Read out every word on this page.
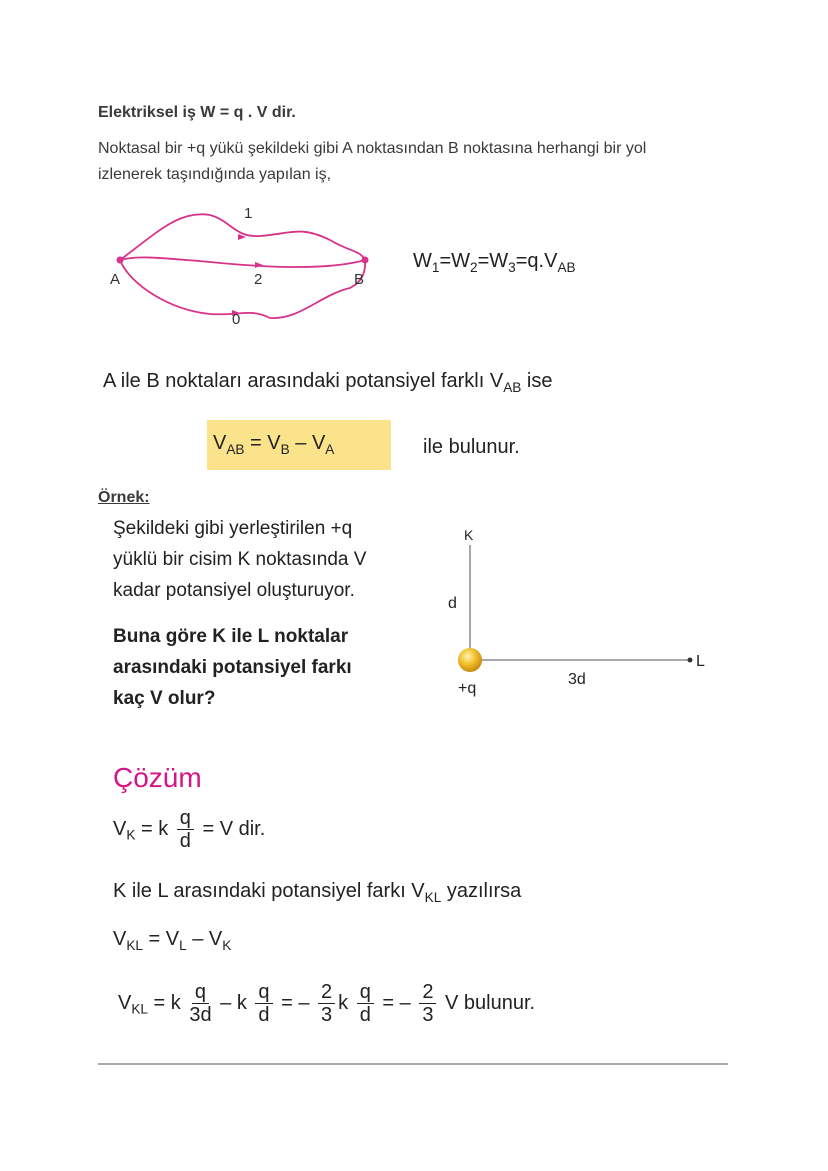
Elektriksel iş W = q . V dir.
Noktasal bir +q yükü şekildeki gibi A noktasından B noktasına herhangi bir yol
izlenerek taşındığında yapılan iş,
A	B
1
2
0
$W_1=W_2=W_3=q.V_{AB}$
A ile B noktaları arasındaki potansiyel farklı $V_{AB}$ ise
$V_{AB} = V_B - V_A$	ile bulunur.
Örnek:
Şekildeki gibi yerleştirilen +q
yüklü bir cisim K noktasında V
kadar potansiyel oluşturuyor.
Buna göre K ile L noktalar
arasındaki potansiyel farkı
kaç V olur?
K
d
L
3d
+q
Çözüm
$V_K = k \frac{q}{d} = V$ dir.
K ile L arasındaki potansiyel farkı $V_{KL}$ yazılırsa
$V_{KL} = V_L - V_K$
$V_{KL} = k \frac{q}{3d} - k \frac{q}{d}$ = – $\frac{2}{3}$ k $\frac{q}{d}$ = – $\frac{2}{3}$ V bulunur.
